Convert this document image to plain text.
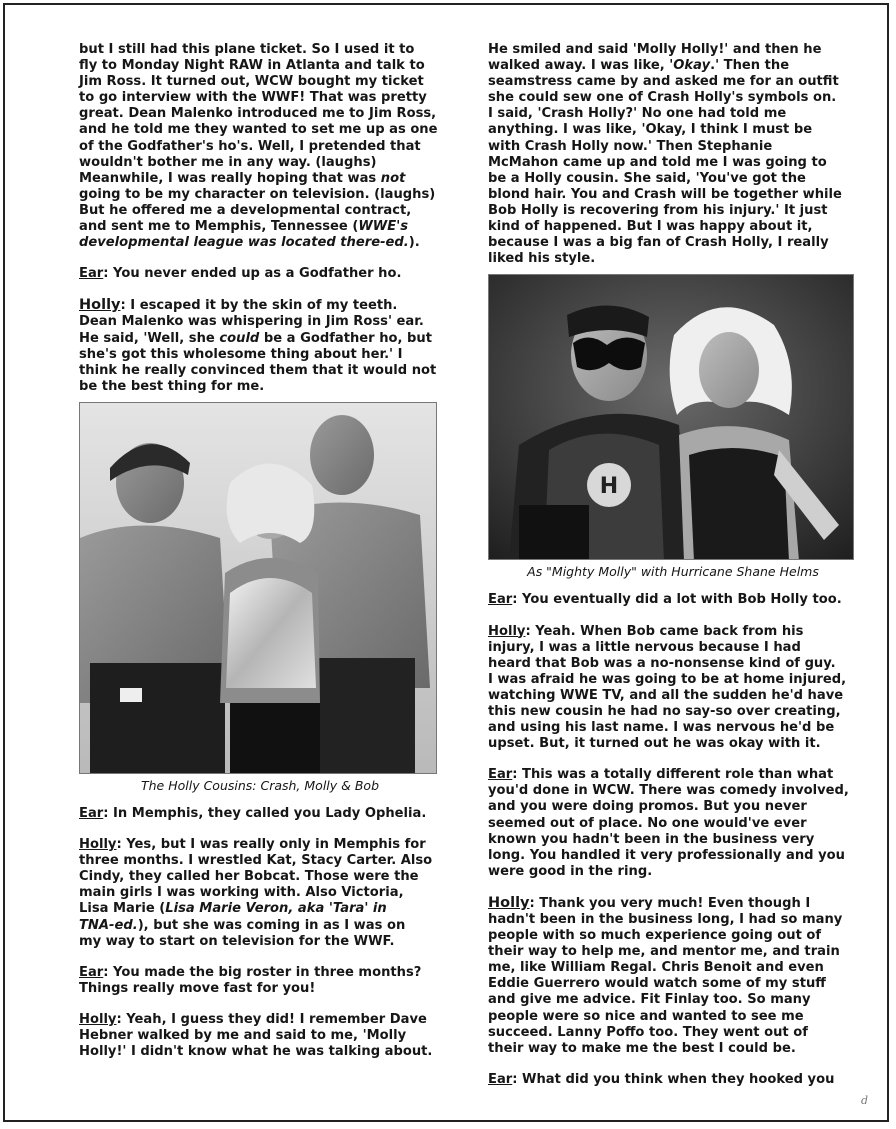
but I still had this plane ticket. So I used it to
fly to Monday Night RAW in Atlanta and talk to
Jim Ross. It turned out, WCW bought my ticket
to go interview with the WWF! That was pretty
great. Dean Malenko introduced me to Jim Ross,
and he told me they wanted to set me up as one
of the Godfather's ho's. Well, I pretended that
wouldn't bother me in any way. (laughs)
Meanwhile, I was really hoping that was not
going to be my character on television. (laughs)
But he offered me a developmental contract,
and sent me to Memphis, Tennessee (WWE's
developmental league was located there-ed.).
Ear: You never ended up as a Godfather ho.
Holly: I escaped it by the skin of my teeth.
Dean Malenko was whispering in Jim Ross' ear.
He said, 'Well, she could be a Godfather ho, but
she's got this wholesome thing about her.' I
think he really convinced them that it would not
be the best thing for me.
The Holly Cousins: Crash, Molly & Bob
Ear: In Memphis, they called you Lady Ophelia.
Holly: Yes, but I was really only in Memphis for
three months. I wrestled Kat, Stacy Carter. Also
Cindy, they called her Bobcat. Those were the
main girls I was working with. Also Victoria,
Lisa Marie (Lisa Marie Veron, aka 'Tara' in
TNA-ed.), but she was coming in as I was on
my way to start on television for the WWF.
Ear: You made the big roster in three months?
Things really move fast for you!
Holly: Yeah, I guess they did! I remember Dave
Hebner walked by me and said to me, 'Molly
Holly!' I didn't know what he was talking about.
He smiled and said 'Molly Holly!' and then he
walked away. I was like, 'Okay.' Then the
seamstress came by and asked me for an outfit
she could sew one of Crash Holly's symbols on.
I said, 'Crash Holly?' No one had told me
anything. I was like, 'Okay, I think I must be
with Crash Holly now.' Then Stephanie
McMahon came up and told me I was going to
be a Holly cousin. She said, 'You've got the
blond hair. You and Crash will be together while
Bob Holly is recovering from his injury.' It just
kind of happened. But I was happy about it,
because I was a big fan of Crash Holly, I really
liked his style.
H
As "Mighty Molly" with Hurricane Shane Helms
Ear: You eventually did a lot with Bob Holly too.
Holly: Yeah. When Bob came back from his
injury, I was a little nervous because I had
heard that Bob was a no-nonsense kind of guy.
I was afraid he was going to be at home injured,
watching WWE TV, and all the sudden he'd have
this new cousin he had no say-so over creating,
and using his last name. I was nervous he'd be
upset. But, it turned out he was okay with it.
Ear: This was a totally different role than what
you'd done in WCW. There was comedy involved,
and you were doing promos. But you never
seemed out of place. No one would've ever
known you hadn't been in the business very
long. You handled it very professionally and you
were good in the ring.
Holly: Thank you very much! Even though I
hadn't been in the business long, I had so many
people with so much experience going out of
their way to help me, and mentor me, and train
me, like William Regal. Chris Benoit and even
Eddie Guerrero would watch some of my stuff
and give me advice. Fit Finlay too. So many
people were so nice and wanted to see me
succeed. Lanny Poffo too. They went out of
their way to make me the best I could be.
Ear: What did you think when they hooked you
d
